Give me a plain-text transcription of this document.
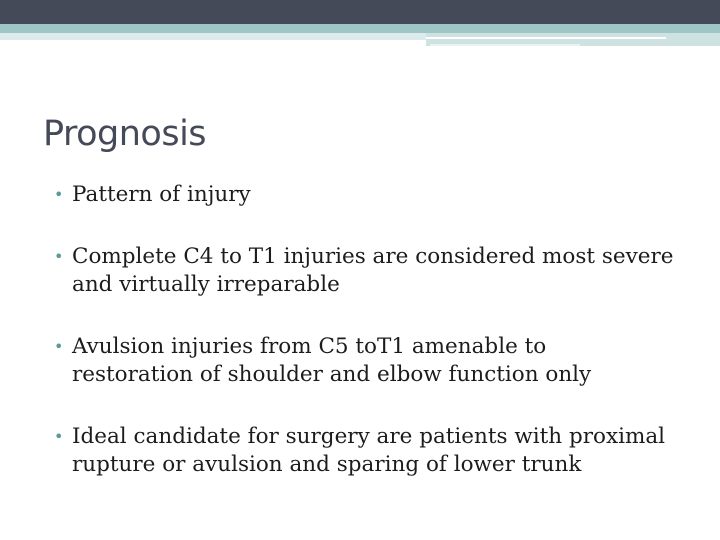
Prognosis
• Pattern of injury
• Complete C4 to T1 injuries are considered most severe and virtually irreparable
• Avulsion injuries from C5 toT1 amenable to restoration of shoulder and elbow function only
• Ideal candidate for surgery are patients with proximal rupture or avulsion and sparing of lower trunk
